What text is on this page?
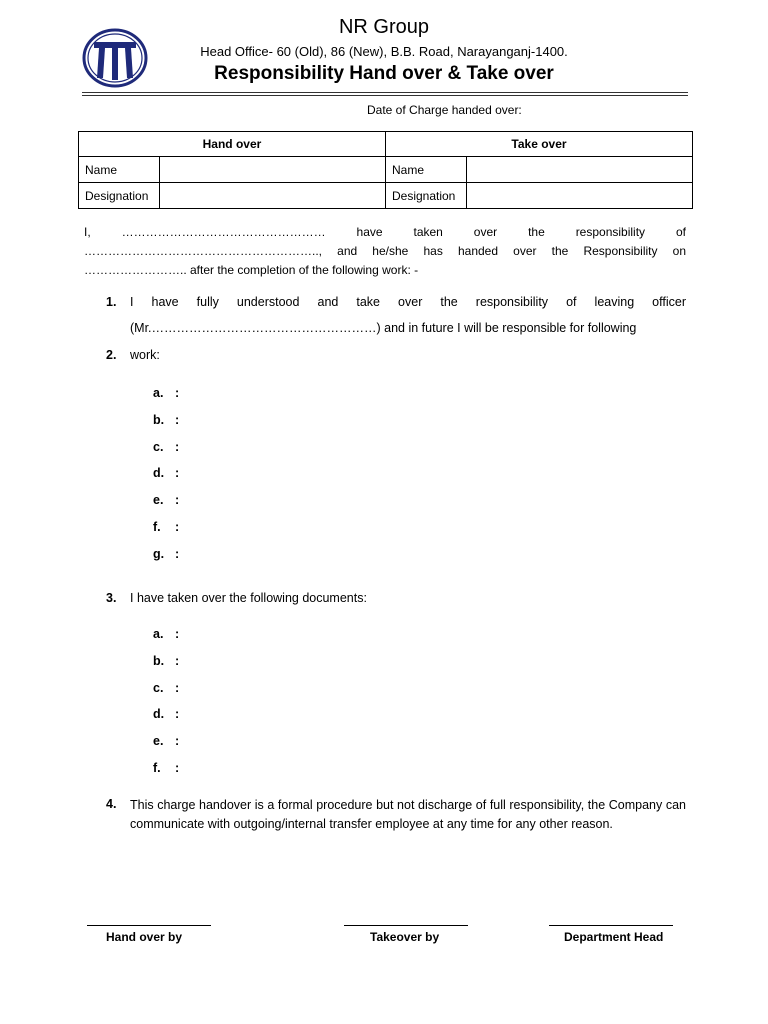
NR Group
Head Office- 60 (Old), 86 (New), B.B. Road, Narayanganj-1400.
Responsibility Hand over & Take over
Date of Charge handed over:
Hand over		Take over	
Name		Name	
Designation		Designation	
I, …………………………………………… have taken over the responsibility of ………………………………………………….., and he/she has handed over the Responsibility on …………………….. after the completion of the following work: -
1. I have fully understood and take over the responsibility of leaving officer
(Mr.………………………………………………) and in future I will be responsible for following
2. work:
a. :
b. :
c. :
d. :
e. :
f. :
g. :
3. I have taken over the following documents:
a. :
b. :
c. :
d. :
e. :
f. :
4. This charge handover is a formal procedure but not discharge of full responsibility, the Company can communicate with outgoing/internal transfer employee at any time for any other reason.
Hand over by	Takeover by	Department Head
